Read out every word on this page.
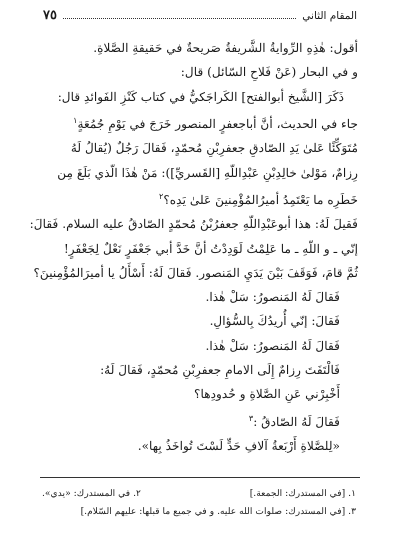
المقام الثاني
٧٥
أقول: هٰذِهِ الرِّوايةُ الشَّريفةُ صَريحةٌ في حَقيقةِ الصَّلاةِ.
و في البحار (عَنْ فَلاحِ السّائل) قال:
ذَكَرَ [الشَّيخ أبوالفتح] الكَراجَكيُّ في كتاب كَنْزِ الفَوائدِ قال:
جاء في الحديث، أنَّ أباجعفرٍ المنصور خَرَجَ في يَوْمِ جُمُعَةٍ$^١$
مُتَوَكِّئًا عَلىٰ يَدِ الصّادقِ جعفرِبْنِ مُحمّدٍ، فَقالَ رَجُلٌ (يُقالُ لَهُ
رِزامٌ، مَوْلىٰ خالِدِبْنِ عَبْدِاللّهِ [القَسريِّ]): مَنْ هٰذَا الّذي بَلَغَ مِن
خَطَرِه ما يَعْتَمِدُ أميرُالمُؤْمِنينَ عَلىٰ يَدِه؟$^٢$
فَقيلَ لَهُ: هذا أبوعَبْدِاللّهِ جعفرُبْنُ مُحمّدٍ الصّادقُ عليه السلام. فَقالَ:
إنّي ـ و اللّهِ ـ ما عَلِمْتُ لَوَدِدْتُ أنَّ خَدَّ أبي جَعْفَرٍ نَعْلٌ لِجَعْفَرٍ!
ثُمَّ قامَ، فَوَقَفَ بَيْنَ يَدَيِ المَنصور. فَقالَ لَهُ: أَسْأَلُ يا أميرَالمُؤْمِنينَ؟
فَقالَ لَهُ المَنصورُ: سَلْ هٰذا.
فَقالَ: إنّي أُريدُكَ بِالسُّؤالِ.
فَقالَ لَهُ المَنصورُ: سَلْ هٰذا.
فَالْتَفَتَ رِزامٌ إِلَى الامامِ جعفرِبْنِ مُحمّدٍ، فَقالَ لَهُ:
أَخْبِرْني عَنِ الصَّلاةِ و حُدودِها؟
فَقالَ لَهُ الصّادقُ :$^٣$
«لِلصَّلاةِ أَرْبَعةُ آلافِ حَدٍّ لَسْتَ تُواخَذُ بِها».
١. [في المستدرك: الجمعة.]
٢. في المستدرك: «يدي».
٣. [في المستدرك: صلوات الله عليه. و في جميع ما قبلها: عليهم السّلام.]
